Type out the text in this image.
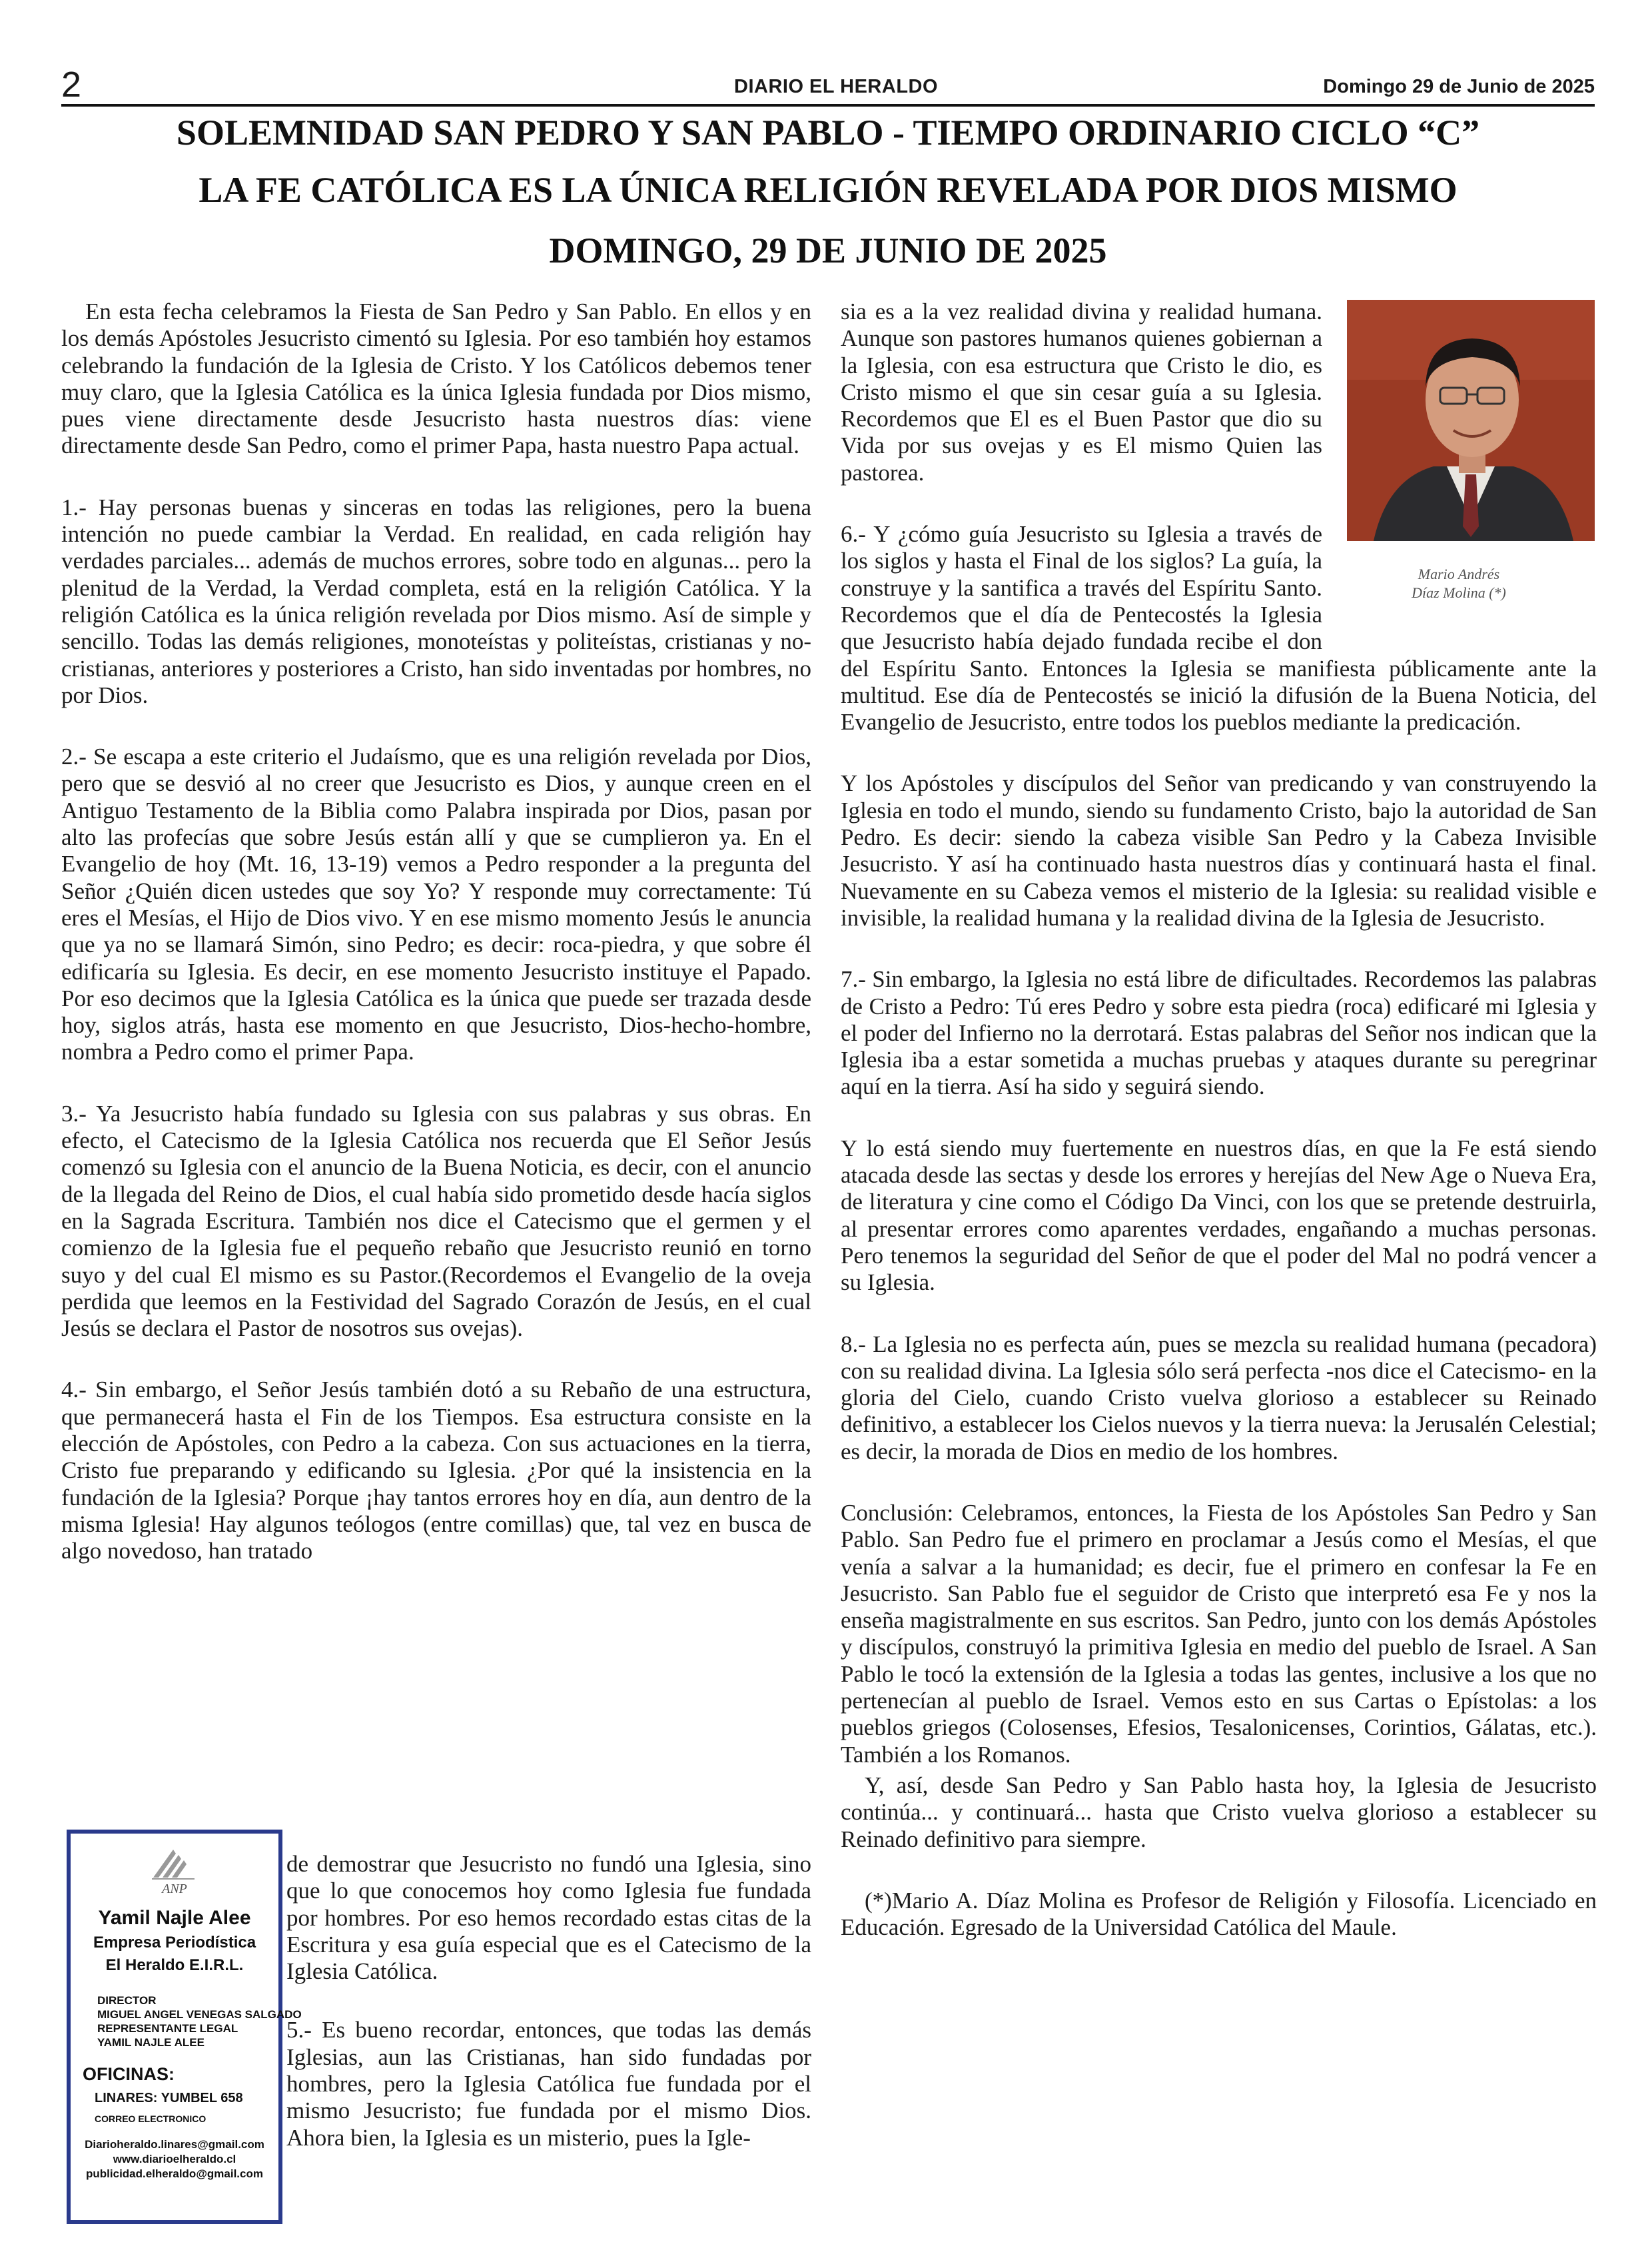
2	DIARIO EL HERALDO	Domingo 29 de Junio de 2025
SOLEMNIDAD SAN PEDRO Y SAN PABLO - TIEMPO ORDINARIO CICLO “C”
LA FE CATÓLICA ES LA ÚNICA RELIGIÓN REVELADA POR DIOS MISMO
DOMINGO, 29 DE JUNIO DE 2025

En esta fecha celebramos la Fiesta de San Pedro y San Pablo. En ellos y en los demás Apóstoles Jesucristo cimentó su Iglesia. Por eso también hoy estamos celebrando la fundación de la Iglesia de Cristo. Y los Católicos debemos tener muy claro, que la Iglesia Católica es la única Iglesia fundada por Dios mismo, pues viene directamente desde Jesucristo hasta nuestros días: viene directamente desde San Pedro, como el primer Papa, hasta nuestro Papa actual.

1.- Hay personas buenas y sinceras en todas las religiones, pero la buena intención no puede cambiar la Verdad. En realidad, en cada religión hay verdades parciales... además de muchos errores, sobre todo en algunas... pero la plenitud de la Verdad, la Verdad completa, está en la religión Católica. Y la religión Católica es la única religión revelada por Dios mismo. Así de simple y sencillo. Todas las demás religiones, monoteístas y politeístas, cristianas y no-cristianas, anteriores y posteriores a Cristo, han sido inventadas por hombres, no por Dios.

2.- Se escapa a este criterio el Judaísmo, que es una religión revelada por Dios, pero que se desvió al no creer que Jesucristo es Dios, y aunque creen en el Antiguo Testamento de la Biblia como Palabra inspirada por Dios, pasan por alto las profecías que sobre Jesús están allí y que se cumplieron ya. En el Evangelio de hoy (Mt. 16, 13-19) vemos a Pedro responder a la pregunta del Señor ¿Quién dicen ustedes que soy Yo? Y responde muy correctamente: Tú eres el Mesías, el Hijo de Dios vivo. Y en ese mismo momento Jesús le anuncia que ya no se llamará Simón, sino Pedro; es decir: roca-piedra, y que sobre él edificaría su Iglesia. Es decir, en ese momento Jesucristo instituye el Papado. Por eso decimos que la Iglesia Católica es la única que puede ser trazada desde hoy, siglos atrás, hasta ese momento en que Jesucristo, Dios-hecho-hombre, nombra a Pedro como el primer Papa.

3.- Ya Jesucristo había fundado su Iglesia con sus palabras y sus obras. En efecto, el Catecismo de la Iglesia Católica nos recuerda que El Señor Jesús comenzó su Iglesia con el anuncio de la Buena Noticia, es decir, con el anuncio de la llegada del Reino de Dios, el cual había sido prometido desde hacía siglos en la Sagrada Escritura. También nos dice el Catecismo que el germen y el comienzo de la Iglesia fue el pequeño rebaño que Jesucristo reunió en torno suyo y del cual El mismo es su Pastor.(Recordemos el Evangelio de la oveja perdida que leemos en la Festividad del Sagrado Corazón de Jesús, en el cual Jesús se declara el Pastor de nosotros sus ovejas).

4.- Sin embargo, el Señor Jesús también dotó a su Rebaño de una estructura, que permanecerá hasta el Fin de los Tiempos. Esa estructura consiste en la elección de Apóstoles, con Pedro a la cabeza. Con sus actuaciones en la tierra, Cristo fue preparando y edificando su Iglesia. ¿Por qué la insistencia en la fundación de la Iglesia? Porque ¡hay tantos errores hoy en día, aun dentro de la misma Iglesia! Hay algunos teólogos (entre comillas) que, tal vez en busca de algo novedoso, han tratado

de demostrar que Jesucristo no fundó una Iglesia, sino que lo que conocemos hoy como Iglesia fue fundada por hombres. Por eso hemos recordado estas citas de la Escritura y esa guía especial que es el Catecismo de la Iglesia Católica.

5.- Es bueno recordar, entonces, que todas las demás Iglesias, aun las Cristianas, han sido fundadas por hombres, pero la Iglesia Católica fue fundada por el mismo Jesucristo; fue fundada por el mismo Dios. Ahora bien, la Iglesia es un misterio, pues la Igle-

sia es a la vez realidad divina y realidad humana. Aunque son pastores humanos quienes gobiernan a la Iglesia, con esa estructura que Cristo le dio, es Cristo mismo el que sin cesar guía a su Iglesia. Recordemos que El es el Buen Pastor que dio su Vida por sus ovejas y es El mismo Quien las pastorea.

6.- Y ¿cómo guía Jesucristo su Iglesia a través de los siglos y hasta el Final de los siglos? La guía, la construye y la santifica a través del Espíritu Santo. Recordemos que el día de Pentecostés la Iglesia que Jesucristo había dejado fundada recibe el don del Espíritu Santo. Entonces la Iglesia se manifiesta públicamente ante la multitud. Ese día de Pentecostés se inició la difusión de la Buena Noticia, del Evangelio de Jesucristo, entre todos los pueblos mediante la predicación.

Y los Apóstoles y discípulos del Señor van predicando y van construyendo la Iglesia en todo el mundo, siendo su fundamento Cristo, bajo la autoridad de San Pedro. Es decir: siendo la cabeza visible San Pedro y la Cabeza Invisible Jesucristo. Y así ha continuado hasta nuestros días y continuará hasta el final. Nuevamente en su Cabeza vemos el misterio de la Iglesia: su realidad visible e invisible, la realidad humana y la realidad divina de la Iglesia de Jesucristo.

7.- Sin embargo, la Iglesia no está libre de dificultades. Recordemos las palabras de Cristo a Pedro: Tú eres Pedro y sobre esta piedra (roca) edificaré mi Iglesia y el poder del Infierno no la derrotará. Estas palabras del Señor nos indican que la Iglesia iba a estar sometida a muchas pruebas y ataques durante su peregrinar aquí en la tierra. Así ha sido y seguirá siendo.

Y lo está siendo muy fuertemente en nuestros días, en que la Fe está siendo atacada desde las sectas y desde los errores y herejías del New Age o Nueva Era, de literatura y cine como el Código Da Vinci, con los que se pretende destruirla, al presentar errores como aparentes verdades, engañando a muchas personas. Pero tenemos la seguridad del Señor de que el poder del Mal no podrá vencer a su Iglesia.

8.- La Iglesia no es perfecta aún, pues se mezcla su realidad humana (pecadora) con su realidad divina. La Iglesia sólo será perfecta -nos dice el Catecismo- en la gloria del Cielo, cuando Cristo vuelva glorioso a establecer su Reinado definitivo, a establecer los Cielos nuevos y la tierra nueva: la Jerusalén Celestial; es decir, la morada de Dios en medio de los hombres.

Conclusión: Celebramos, entonces, la Fiesta de los Apóstoles San Pedro y San Pablo. San Pedro fue el primero en proclamar a Jesús como el Mesías, el que venía a salvar a la humanidad; es decir, fue el primero en confesar la Fe en Jesucristo. San Pablo fue el seguidor de Cristo que interpretó esa Fe y nos la enseña magistralmente en sus escritos. San Pedro, junto con los demás Apóstoles y discípulos, construyó la primitiva Iglesia en medio del pueblo de Israel. A San Pablo le tocó la extensión de la Iglesia a todas las gentes, inclusive a los que no pertenecían al pueblo de Israel. Vemos esto en sus Cartas o Epístolas: a los pueblos griegos (Colosenses, Efesios, Tesalonicenses, Corintios, Gálatas, etc.). También a los Romanos.

Y, así, desde San Pedro y San Pablo hasta hoy, la Iglesia de Jesucristo continúa... y continuará... hasta que Cristo vuelva glorioso a establecer su Reinado definitivo para siempre.

(*)Mario A. Díaz Molina es Profesor de Religión y Filosofía. Licenciado en Educación. Egresado de la Universidad Católica del Maule.

Mario Andrés
Díaz Molina (*)
ANP
Yamil Najle Alee
Empresa Periodística
El Heraldo E.I.R.L.
DIRECTOR
MIGUEL ANGEL VENEGAS SALGADO
REPRESENTANTE LEGAL
YAMIL NAJLE ALEE
OFICINAS:
LINARES: YUMBEL 658
CORREO ELECTRONICO
Diarioheraldo.linares@gmail.com
www.diarioelheraldo.cl
publicidad.elheraldo@gmail.com
